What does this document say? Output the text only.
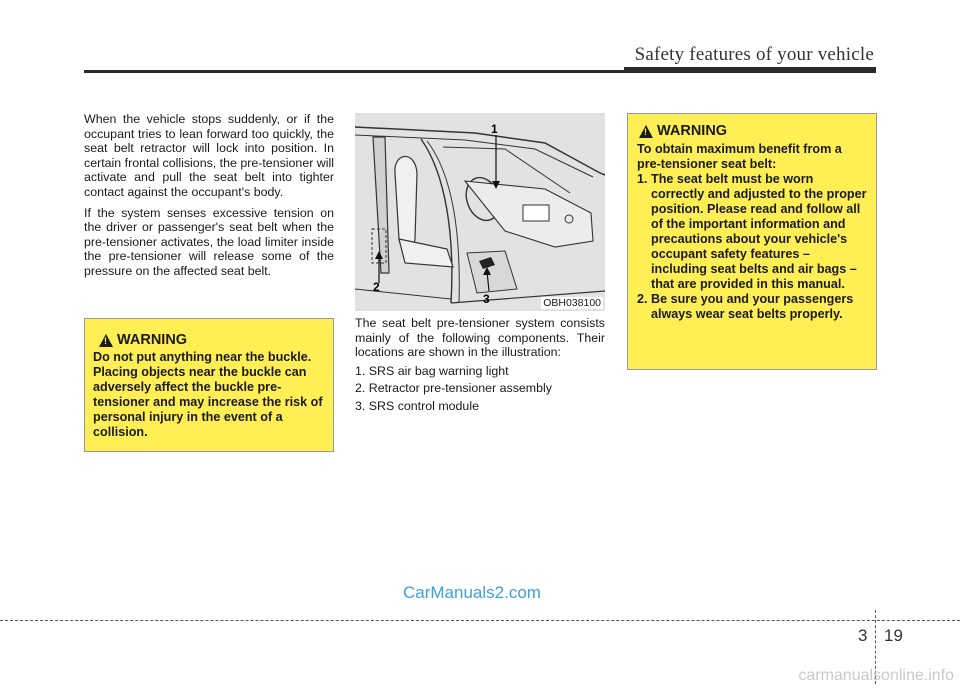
Safety features of your vehicle

When the vehicle stops suddenly, or if the occupant tries to lean forward too quickly, the seat belt retractor will lock into position. In certain frontal collisions, the pre-tensioner will activate and pull the seat belt into tighter contact against the occupant's body.

If the system senses excessive tension on the driver or passenger's seat belt when the pre-tensioner activates, the load limiter inside the pre-tensioner will release some of the pressure on the affected seat belt.

! WARNING
Do not put anything near the buckle. Placing objects near the buckle can adversely affect the buckle pre-tensioner and may increase the risk of personal injury in the event of a collision.
1
2
3	OBH038100

The seat belt pre-tensioner system consists mainly of the following components. Their locations are shown in the illustration:

1. SRS air bag warning light
2. Retractor pre-tensioner assembly
3. SRS control module
! WARNING
To obtain maximum benefit from a pre-tensioner seat belt:
1. The seat belt must be worn correctly and adjusted to the proper position. Please read and follow all of the important information and precautions about your vehicle's occupant safety features – including seat belts and air bags – that are provided in this manual.
2. Be sure you and your passengers always wear seat belts properly.
CarManuals2.com
3 19
carmanualsonline.info
